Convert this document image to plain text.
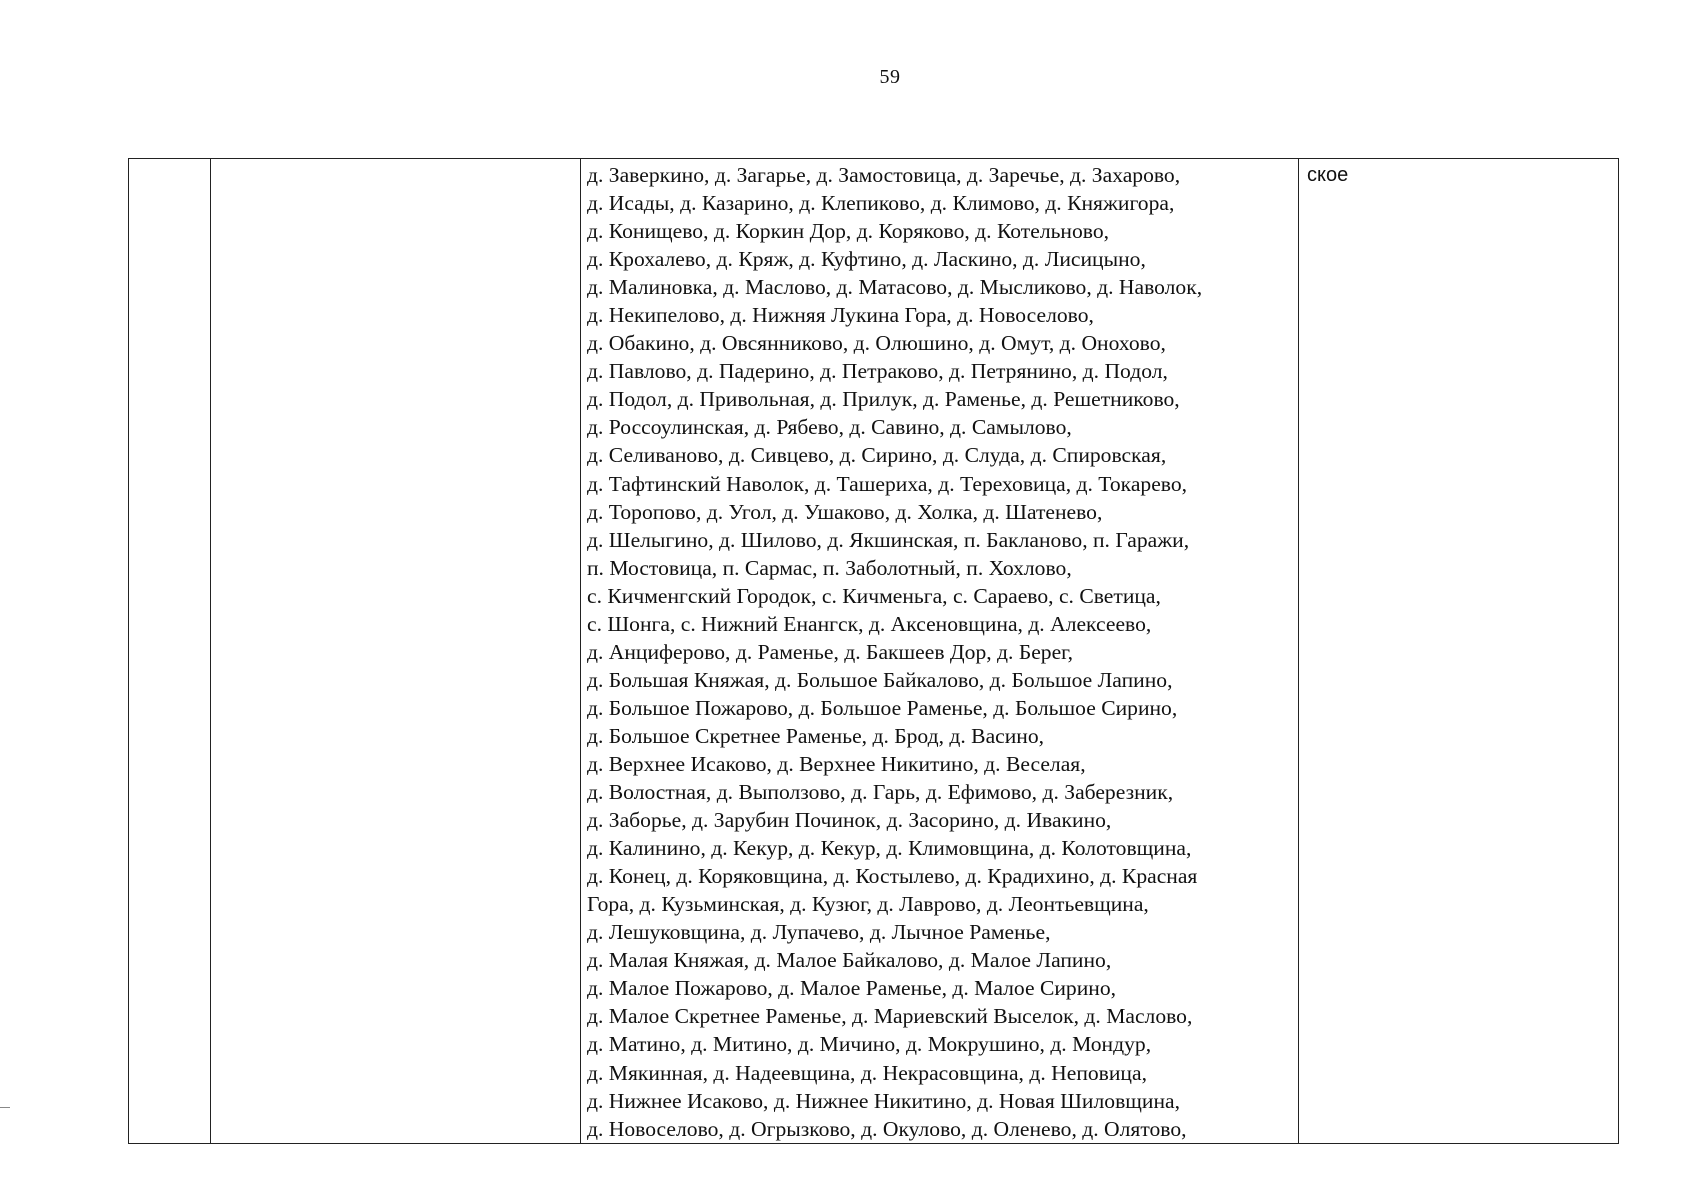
59
д. Заверкино, д. Загарье, д. Замостовица, д. Заречье, д. Захарово,
д. Исады, д. Казарино, д. Клепиково, д. Климово, д. Княжигора,
д. Конищево, д. Коркин Дор, д. Коряково, д. Котельново,
д. Крохалево, д. Кряж, д. Куфтино, д. Ласкино, д. Лисицыно,
д. Малиновка, д. Маслово, д. Матасово, д. Мысликово, д. Наволок,
д. Некипелово, д. Нижняя Лукина Гора, д. Новоселово,
д. Обакино, д. Овсянниково, д. Олюшино, д. Омут, д. Онохово,
д. Павлово, д. Падерино, д. Петраково, д. Петрянино, д. Подол,
д. Подол, д. Привольная, д. Прилук, д. Раменье, д. Решетниково,
д. Россоулинская, д. Рябево, д. Савино, д. Самылово,
д. Селиваново, д. Сивцево, д. Сирино, д. Слуда, д. Спировская,
д. Тафтинский Наволок, д. Ташериха, д. Тереховица, д. Токарево,
д. Торопово, д. Угол, д. Ушаково, д. Холка, д. Шатенево,
д. Шелыгино, д. Шилово, д. Якшинская, п. Бакланово, п. Гаражи,
п. Мостовица, п. Сармас, п. Заболотный, п. Хохлово,
с. Кичменгский Городок, с. Кичменьга, с. Сараево, с. Светица,
с. Шонга, с. Нижний Енангск, д. Аксеновщина, д. Алексеево,
д. Анциферово, д. Раменье, д. Бакшеев Дор, д. Берег,
д. Большая Княжая, д. Большое Байкалово, д. Большое Лапино,
д. Большое Пожарово, д. Большое Раменье, д. Большое Сирино,
д. Большое Скретнее Раменье, д. Брод, д. Васино,
д. Верхнее Исаково, д. Верхнее Никитино, д. Веселая,
д. Волостная, д. Выползово, д. Гарь, д. Ефимово, д. Заберезник,
д. Заборье, д. Зарубин Починок, д. Засорино, д. Ивакино,
д. Калинино, д. Кекур, д. Кекур, д. Климовщина, д. Колотовщина,
д. Конец, д. Коряковщина, д. Костылево, д. Крадихино, д. Красная
Гора, д. Кузьминская, д. Кузюг, д. Лаврово, д. Леонтьевщина,
д. Лешуковщина, д. Лупачево, д. Лычное Раменье,
д. Малая Княжая, д. Малое Байкалово, д. Малое Лапино,
д. Малое Пожарово, д. Малое Раменье, д. Малое Сирино,
д. Малое Скретнее Раменье, д. Мариевский Выселок, д. Маслово,
д. Матино, д. Митино, д. Мичино, д. Мокрушино, д. Мондур,
д. Мякинная, д. Надеевщина, д. Некрасовщина, д. Неповица,
д. Нижнее Исаково, д. Нижнее Никитино, д. Новая Шиловщина,
д. Новоселово, д. Огрызково, д. Окулово, д. Оленево, д. Олятово,
ское
